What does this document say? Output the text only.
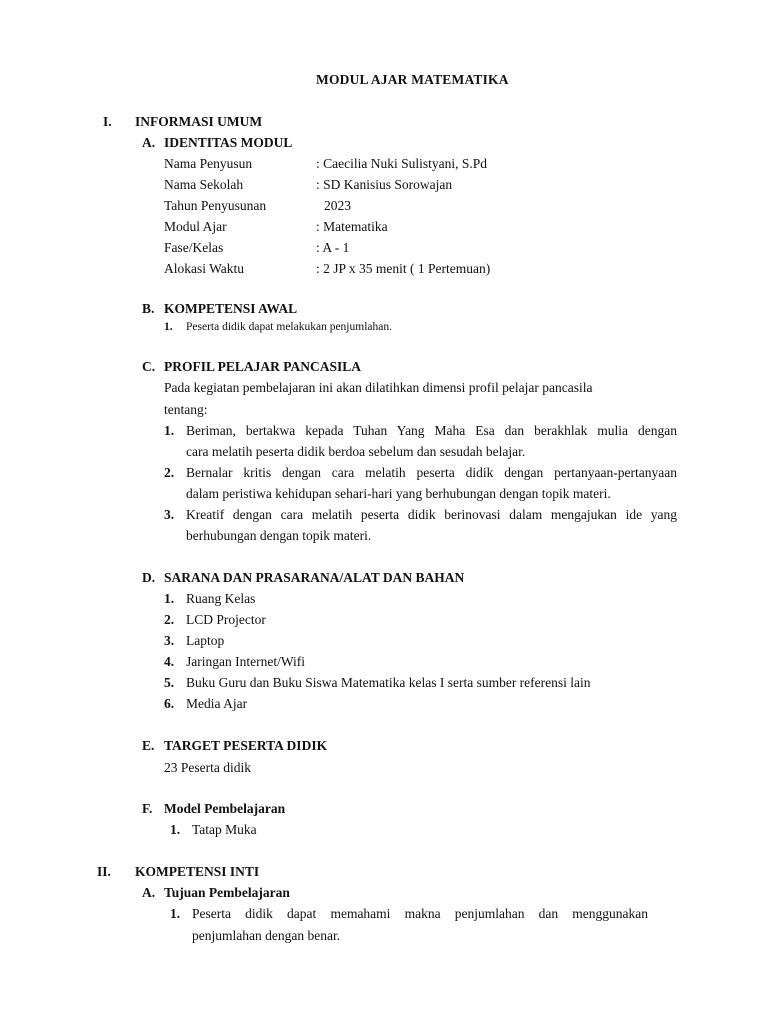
MODUL AJAR MATEMATIKA
I. INFORMASI UMUM
A. IDENTITAS MODUL
Nama Penyusun	: Caecilia Nuki Sulistyani, S.Pd
Nama Sekolah	: SD Kanisius Sorowajan
Tahun Penyusunan	2023
Modul Ajar	: Matematika
Fase/Kelas	: A - 1
Alokasi Waktu	: 2 JP x 35 menit ( 1 Pertemuan)
B. KOMPETENSI AWAL
1. Peserta didik dapat melakukan penjumlahan.
C. PROFIL PELAJAR PANCASILA
Pada kegiatan pembelajaran ini akan dilatihkan dimensi profil pelajar pancasila
tentang:
1. Beriman, bertakwa kepada Tuhan Yang Maha Esa dan berakhlak mulia dengan
cara melatih peserta didik berdoa sebelum dan sesudah belajar.
2. Bernalar kritis dengan cara melatih peserta didik dengan pertanyaan-pertanyaan
dalam peristiwa kehidupan sehari-hari yang berhubungan dengan topik materi.
3. Kreatif dengan cara melatih peserta didik berinovasi dalam mengajukan ide yang
berhubungan dengan topik materi.
D. SARANA DAN PRASARANA/ALAT DAN BAHAN
1. Ruang Kelas
2. LCD Projector
3. Laptop
4. Jaringan Internet/Wifi
5. Buku Guru dan Buku Siswa Matematika kelas I serta sumber referensi lain
6. Media Ajar
E. TARGET PESERTA DIDIK
23 Peserta didik
F. Model Pembelajaran
1. Tatap Muka
II. KOMPETENSI INTI
A. Tujuan Pembelajaran
1. Peserta didik dapat memahami makna penjumlahan dan menggunakan
penjumlahan dengan benar.
